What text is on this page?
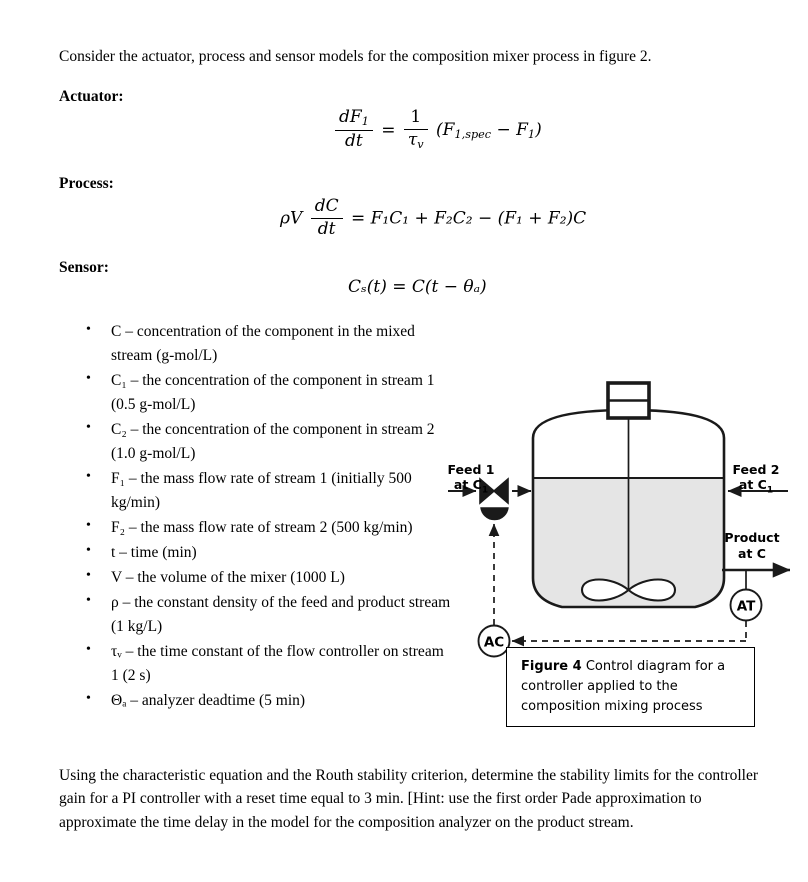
Consider the actuator, process and sensor models for the composition mixer process in figure 2.
Actuator:
$\frac{dF_1}{dt} = \frac{1}{\tau_v} (F_{1,spec} - F_1)$
Process:
ρV $\frac{dC}{dt} = F_1C_1 + F_2C_2 - (F_1 + F_2)C$
Sensor:
Cₛ(t) = C(t − θₐ)
• C – concentration of the component in the mixed stream (g-mol/L)
• C₁ – the concentration of the component in stream 1 (0.5 g-mol/L)
• C₂ – the concentration of the component in stream 2 (1.0 g-mol/L)
• F₁ – the mass flow rate of stream 1 (initially 500 kg/min)
• F₂ – the mass flow rate of stream 2 (500 kg/min)
• t – time (min)
• V – the volume of the mixer (1000 L)
• ρ – the constant density of the feed and product stream (1 kg/L)
• τᵥ – the time constant of the flow controller on stream 1 (2 s)
• Θₐ – analyzer deadtime (5 min)
AT
AC
Feed 1
at $C_1$
Feed 2
at $C_1$
Product
at C
Figure 4 Control diagram for a controller applied to the composition mixing process
Using the characteristic equation and the Routh stability criterion, determine the stability limits for the controller gain for a PI controller with a reset time equal to 3 min. [Hint: use the first order Pade approximation to approximate the time delay in the model for the composition analyzer on the product stream.
